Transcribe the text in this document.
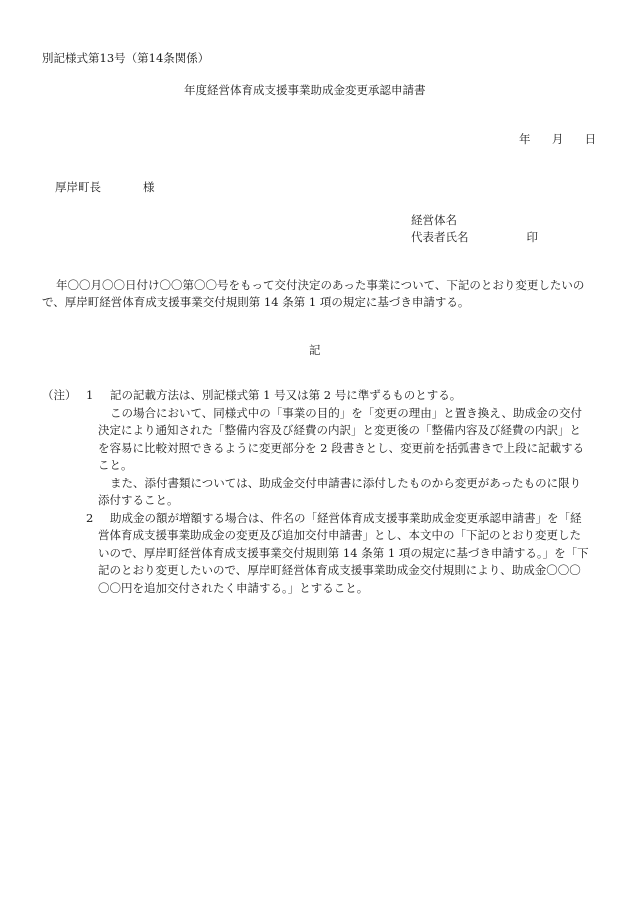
別記様式第13号（第14条関係）
年度経営体育成支援事業助成金変更承認申請書
年 月 日
厚岸町長	様
経営体名
代表者氏名	印
年〇〇月〇〇日付け〇〇第〇〇号をもって交付決定のあった事業について、下記のとおり変更したいので、厚岸町経営体育成支援事業交付規則第 14 条第 1 項の規定に基づき申請する。
記
（注） 1	記の記載方法は、別記様式第 1 号又は第 2 号に準ずるものとする。
この場合において、同様式中の「事業の目的」を「変更の理由」と置き換え、助成金の交付決定により通知された「整備内容及び経費の内訳」と変更後の「整備内容及び経費の内訳」とを容易に比較対照できるように変更部分を 2 段書きとし、変更前を括弧書きで上段に記載すること。
また、添付書類については、助成金交付申請書に添付したものから変更があったものに限り添付すること。
2	助成金の額が増額する場合は、件名の「経営体育成支援事業助成金変更承認申請書」を「経営体育成支援事業助成金の変更及び追加交付申請書」とし、本文中の「下記のとおり変更したいので、厚岸町経営体育成支援事業交付規則第 14 条第 1 項の規定に基づき申請する。」を「下記のとおり変更したいので、厚岸町経営体育成支援事業助成金交付規則により、助成金〇〇〇〇〇円を追加交付されたく申請する。」とすること。
